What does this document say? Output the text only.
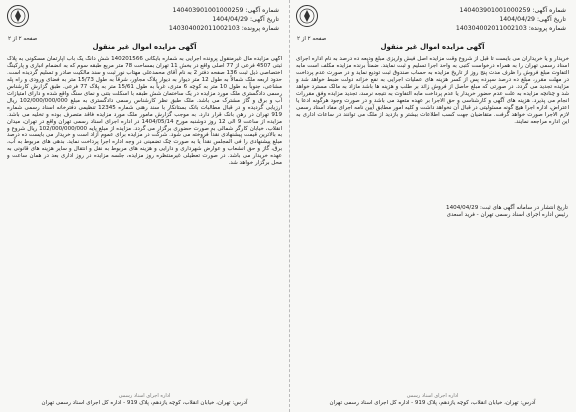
شماره آگهی: 140403901001000259
تاریخ آگهی: 1404/04/29
شماره پرونده: 140304002011002103
صفحه ۲ از ۲
آگهی مزایده اموال غیر منقول
آگهی مزایده مال غیرمنقول پرونده اجرایی به شماره بایگانی 140201566 شش دانگ یک باب آپارتمان مسکونی به پلاک ثبتی 4507 فرعی از 77 اصلی واقع در بخش 11 تهران بمساحت 78 متر مربع طبقه سوم که به انضمام انباری و پارکینگ اختصاصی ذیل ثبت 136 صفحه دفتر 2 به نام آقای محمدعلی مهتاب نور ثبت و سند مالکیت صادر و تسلیم گردیده است. حدود اربعه ملک شمالاً به طول 12 متر دیوار به دیوار پلاک مجاور، شرقاً به طول 15/73 متر به فضای ورودی و راه پله مشاعی، جنوباً به طول 10 متر به کوچه 6 متری، غرباً به طول 15/61 متر به پلاک 77 فرعی. طبق گزارش کارشناس رسمی دادگستری ملک مورد مزایده در یک ساختمان شش طبقه با اسکلت بتنی و نمای سنگ واقع شده و دارای امتیازات آب و برق و گاز مشترک می باشد. ملک طبق نظر کارشناس رسمی دادگستری به مبلغ 102/000/000/000 ریال ارزیابی گردیده و در قبال مطالبات بانک بستانکار با سند رهنی شماره 12345 تنظیمی دفترخانه اسناد رسمی شماره 919 تهران در رهن بانک قرار دارد. به موجب گزارش مامور ملک مورد مزایده فاقد متصرف بوده و تخلیه می باشد. مزایده از ساعت 9 الی 12 روز دوشنبه مورخ 1404/05/14 در اداره اجرای اسناد رسمی تهران واقع در تهران، میدان انقلاب، خیابان کارگر شمالی به صورت حضوری برگزار می گردد. مزایده از مبلغ پایه 102/000/000/000 ریال شروع و به بالاترین قیمت پیشنهادی نقداً فروخته می شود. شرکت در مزایده برای عموم آزاد است و خریدار می بایست ده درصد مبلغ پیشنهادی را فی المجلس نقداً یا به صورت چک تضمینی در وجه اداره اجرا پرداخت نماید. بدهی های مربوط به آب، برق، گاز و حق انشعاب و عوارض شهرداری و دارایی و هزینه های مربوط به نقل و انتقال و سایر هزینه های قانونی به عهده خریدار می باشد. در صورت تعطیلی غیرمنتظره روز مزایده، جلسه مزایده در روز اداری بعد در همان ساعت و محل برگزار خواهد شد.
اداره اجرای اسناد رسمی
آدرس: تهران، خیابان انقلاب، کوچه یازدهم، پلاک 919 - اداره کل اجرای اسناد رسمی تهران
شماره آگهی: 140403901001000259
تاریخ آگهی: 1404/04/29
شماره پرونده: 140304002011002103
صفحه ۲ از ۲
آگهی مزایده اموال غیر منقول
خریدار و یا خریداران می بایست تا قبل از شروع وقت مزایده اصل فیش واریزی مبلغ ودیعه ده درصد به نام اداره اجرای اسناد رسمی تهران را به همراه درخواست کتبی به واحد اجرا تسلیم و ثبت نمایند. ضمناً برنده مزایده مکلف است مابه التفاوت مبلغ فروش را ظرف مدت پنج روز از تاریخ مزایده به حساب صندوق ثبت تودیع نماید و در صورت عدم پرداخت در مهلت مقرر، مبلغ ده درصد سپرده پس از کسر هزینه های عملیات اجرایی به نفع خزانه دولت ضبط خواهد شد و مزایده تجدید می گردد. در صورتی که مبلغ حاصل از فروش زائد بر طلب و هزینه ها باشد مازاد به مالک مسترد خواهد شد و چنانچه مزایده به علت عدم حضور خریدار یا عدم پرداخت مابه التفاوت به نتیجه نرسد، تجدید مزایده وفق مقررات انجام می پذیرد. هزینه های آگهی و کارشناسی و حق الاجرا بر عهده متعهد می باشد و در صورت وجود هرگونه ادعا یا اعتراض، اداره اجرا هیچ گونه مسئولیتی در قبال آن نخواهد داشت و کلیه امور مطابق آیین نامه اجرای مفاد اسناد رسمی لازم الاجرا صورت خواهد گرفت. متقاضیان جهت کسب اطلاعات بیشتر و بازدید از ملک می توانند در ساعات اداری به این اداره مراجعه نمایند.
تاریخ انتشار در سامانه آگهی های ثبت: 1404/04/29
رئیس اداره اجرای اسناد رسمی تهران - فرید اسعدی
اداره اجرای اسناد رسمی
آدرس: تهران، خیابان انقلاب، کوچه یازدهم، پلاک 919 - اداره کل اجرای اسناد رسمی تهران
